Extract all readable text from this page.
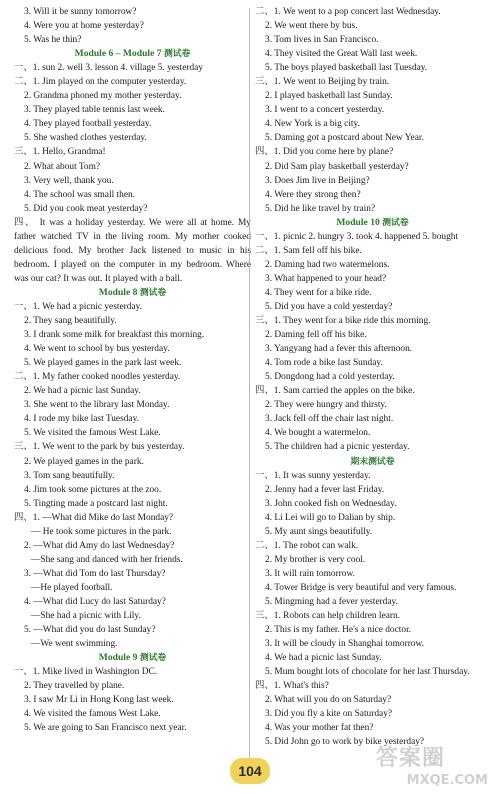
3. Will it be sunny tomorrow?
4. Were you at home yesterday?
5. Was he thin?
Module 6 – Module 7 测试卷
一、1. sun 2. well 3. lesson 4. village 5. yesterday
二、1. Jim played on the computer yesterday.
2. Grandma phoned my mother yesterday.
3. They played table tennis last week.
4. They played football yesterday.
5. She washed clothes yesterday.
三、1. Hello, Grandma!
2. What about Tom?
3. Very well, thank you.
4. The school was small then.
5. Did you cook meat yesterday?
四、 It was a holiday yesterday. We were all at home. My father watched TV in the living room. My mother cooked delicious food. My brother Jack listened to music in his bedroom. I played on the computer in my bedroom. Where was our cat? It was out. It played with a ball.
Module 8 测试卷
一、1. We had a picnic yesterday.
2. They sang beautifully.
3. I drank some milk for breakfast this morning.
4. We went to school by bus yesterday.
5. We played games in the park last week.
二、1. My father cooked noodles yesterday.
2. We had a picnic last Sunday.
3. She went to the library last Monday.
4. I rode my bike last Tuesday.
5. We visited the famous West Lake.
三、1. We went to the park by bus yesterday.
2. We played games in the park.
3. Tom sang beautifully.
4. Jim took some pictures at the zoo.
5. Tingting made a postcard last night.
四、1. —What did Mike do last Monday?
— He took some pictures in the park.
2. —What did Amy do last Wednesday?
—She sang and danced with her friends.
3. —What did Tom do last Thursday?
—He played football.
4. —What did Lucy do last Saturday?
—She had a picnic with Lily.
5. —What did you do last Sunday?
—We went swimming.
Module 9 测试卷
一、1. Mike lived in Washington DC.
2. They travelled by plane.
3. I saw Mr Li in Hong Kong last week.
4. We visited the famous West Lake.
5. We are going to San Francisco next year.
二、1. We went to a pop concert last Wednesday.
2. We went there by bus.
3. Tom lives in San Francisco.
4. They visited the Great Wall last week.
5. The boys played basketball last Tuesday.
三、1. We went to Beijing by train.
2. I played basketball last Sunday.
3. I went to a concert yesterday.
4. New York is a big city.
5. Daming got a postcard about New Year.
四、1. Did you come here by plane?
2. Did Sam play basketball yesterday?
3. Does Jim live in Beijing?
4. Were they strong then?
5. Did he like travel by train?
Module 10 测试卷
一、1. picnic 2. hungry 3. took 4. happened 5. bought
二、1. Sam fell off his bike.
2. Daming had two watermelons.
3. What happened to your head?
4. They went for a bike ride.
5. Did you have a cold yesterday?
三、1. They went for a bike ride this morning.
2. Daming fell off his bike.
3. Yangyang had a fever this afternoon.
4. Tom rode a bike last Sunday.
5. Dongdong had a cold yesterday.
四、1. Sam carried the apples on the bike.
2. They were hungry and thirsty.
3. Jack fell off the chair last night.
4. We bought a watermelon.
5. The children had a picnic yesterday.
期末测试卷
一、1. It was sunny yesterday.
2. Jenny had a fever last Friday.
3. John cooked fish on Wednesday.
4. Li Lei will go to Dalian by ship.
5. My aunt sings beautifully.
二、1. The robot can walk.
2. My brother is very cool.
3. It will rain tomorrow.
4. Tower Bridge is very beautiful and very famous.
5. Mingming had a fever yesterday.
三、1. Robots can help children learn.
2. This is my father. He's a nice doctor.
3. It will be cloudy in Shanghai tomorrow.
4. We had a picnic last Sunday.
5. Mum bought lots of chocolate for her last Thursday.
四、1. What's this?
2. What will you do on Saturday?
3. Did you fly a kite on Saturday?
4. Was your mother fat then?
5. Did John go to work by bike yesterday?
104	答案圈
MXQE.COM
